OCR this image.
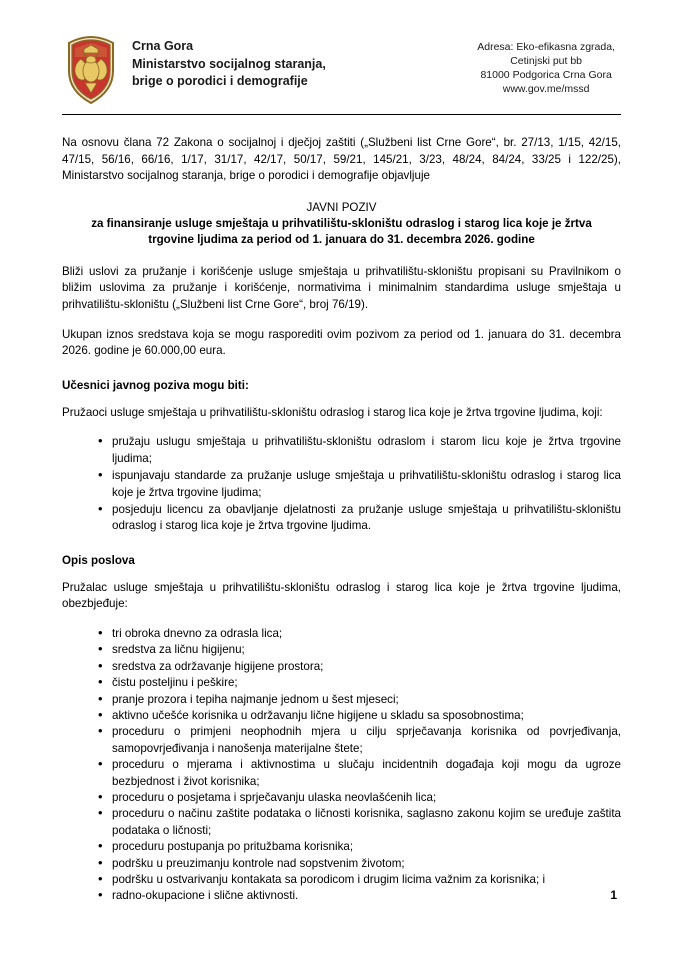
Crna Gora
Ministarstvo socijalnog staranja,
brige o porodici i demografije
Adresa: Eko-efikasna zgrada,
Cetinjski put bb
81000 Podgorica Crna Gora
www.gov.me/mssd

Na osnovu člana 72 Zakona o socijalnoj i dječjoj zaštiti („Službeni list Crne Gore“, br. 27/13, 1/15, 42/15, 47/15, 56/16, 66/16, 1/17, 31/17, 42/17, 50/17, 59/21, 145/21, 3/23, 48/24, 84/24, 33/25 i 122/25), Ministarstvo socijalnog staranja, brige o porodici i demografije objavljuje

JAVNI POZIV
za finansiranje usluge smještaja u prihvatilištu-skloništu odraslog i starog lica koje je žrtva trgovine ljudima za period od 1. januara do 31. decembra 2026. godine

Bliži uslovi za pružanje i korišćenje usluge smještaja u prihvatilištu-skloništu propisani su Pravilnikom o bližim uslovima za pružanje i korišćenje, normativima i minimalnim standardima usluge smještaja u prihvatilištu-skloništu („Službeni list Crne Gore“, broj 76/19).

Ukupan iznos sredstava koja se mogu rasporediti ovim pozivom za period od 1. januara do 31. decembra 2026. godine je 60.000,00 eura.

Učesnici javnog poziva mogu biti:

Pružaoci usluge smještaja u prihvatilištu-skloništu odraslog i starog lica koje je žrtva trgovine ljudima, koji:

• pružaju uslugu smještaja u prihvatilištu-skloništu odraslom i starom licu koje je žrtva trgovine ljudima;
• ispunjavaju standarde za pružanje usluge smještaja u prihvatilištu-skloništu odraslog i starog lica koje je žrtva trgovine ljudima;
• posjeduju licencu za obavljanje djelatnosti za pružanje usluge smještaja u prihvatilištu-skloništu odraslog i starog lica koje je žrtva trgovine ljudima.
Opis poslova

Pružalac usluge smještaja u prihvatilištu-skloništu odraslog i starog lica koje je žrtva trgovine ljudima, obezbjeđuje:

• tri obroka dnevno za odrasla lica;
• sredstva za ličnu higijenu;
• sredstva za održavanje higijene prostora;
• čistu posteljinu i peškire;
• pranje prozora i tepiha najmanje jednom u šest mjeseci;
• aktivno učešće korisnika u održavanju lične higijene u skladu sa sposobnostima;
• proceduru o primjeni neophodnih mjera u cilju sprječavanja korisnika od povrjeđivanja, samopovrjeđivanja i nanošenja materijalne štete;
• proceduru o mjerama i aktivnostima u slučaju incidentnih događaja koji mogu da ugroze bezbjednost i život korisnika;
• proceduru o posjetama i sprječavanju ulaska neovlašćenih lica;
• proceduru o načinu zaštite podataka o ličnosti korisnika, saglasno zakonu kojim se uređuje zaštita podataka o ličnosti;
• proceduru postupanja po pritužbama korisnika;
• podršku u preuzimanju kontrole nad sopstvenim životom;
• podršku u ostvarivanju kontakata sa porodicom i drugim licima važnim za korisnika; i
• radno-okupacione i slične aktivnosti.	1
